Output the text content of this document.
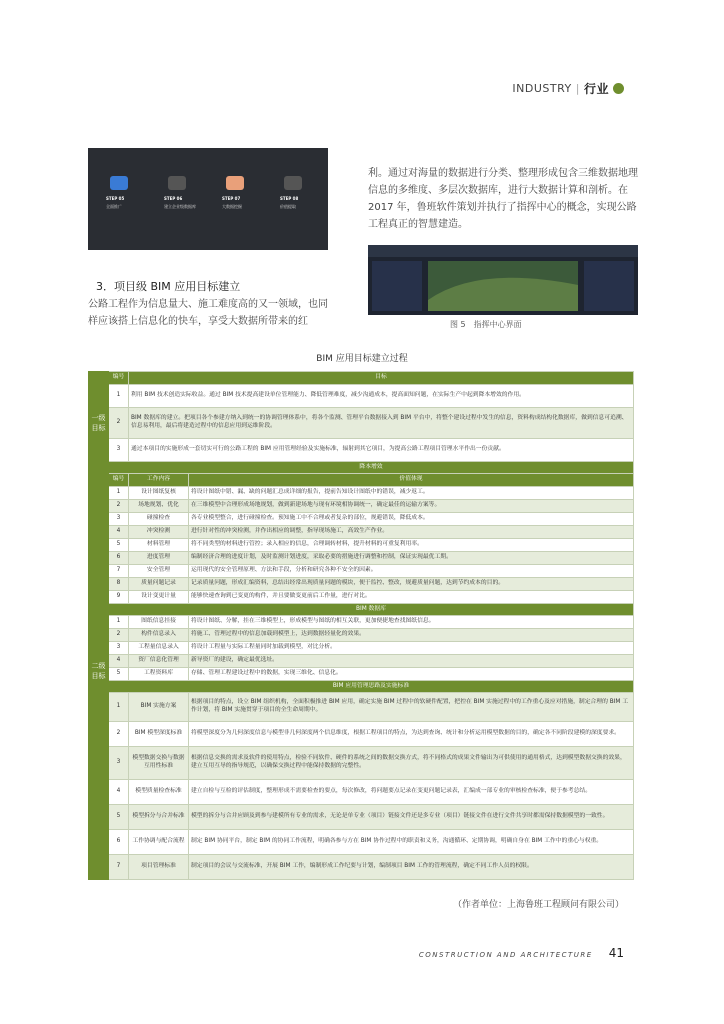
INDUSTRY | 行业
STEP 05	STEP 06	STEP 07	STEP 08
全面推广	建立企业级数据库	大数据挖掘	价值提取
3．项目级 BIM 应用目标建立
公路工程作为信息量大、施工难度高的又一领域，也同样应该搭上信息化的快车，享受大数据所带来的红
利。通过对海量的数据进行分类、整理形成包含三维数据地理信息的多维度、多层次数据库，进行大数据计算和剖析。在 2017 年，鲁班软件策划并执行了指挥中心的概念，实现公路工程真正的智慧建造。
图 5　指挥中心界面
BIM 应用目标建立过程
	编号	目标	
一级目标	1	利用 BIM 技术创造实际收益。通过 BIM 技术提高建设单位管理能力、降低管理难度，减少沟通成本，提高面知问题，在实际生产中起到降本增效的作用。	
	2	BIM 数据库的建立。把项目各个参建方纳入到统一的协调管理体系中，将各个监测、管理平台数据接入到 BIM 平台中，将整个建设过程中发生的信息，资料构成结构化数据库，做到信息可追溯、信息易利用，最后将建造过程中的信息应用到运维阶段。	
	3	通过本项目的实施形成一套切实可行的公路工程的 BIM 应用管理经验及实施标准，辐射到其它项目，为提高公路工程项目管理水平作出一份贡献。	
二级目标	降本增效		
	编号	工作内容	价值体现
	1	设计图纸复核	将设计图纸中错、漏、缺的问题汇总成详细的报告，提前告知设计图纸中的错误，减少返工。
	2	场地规划、优化	在三维模型中合理形成场地规划，做到新建场地与现有环境相协调统一，确定最佳的运输方案等。
	3	碰撞检查	各专业模型整合，进行碰撞检查。预知施工中不合理或者复杂的部位，规避错误，降低成本。
	4	冲突检测	进行针对性的冲突检测，并作出相应的调整，指导现场施工，高效生产作业。
	5	材料管理	将不同类型的材料进行管控；录入相应的信息，合理调转材料，提升材料的可重复利用率。
	6	进度管理	编制经济合理的进度计划，及时监测计划进度，采取必要的措施进行调整和控制，保证实现最优工期。
	7	安全管理	运用现代的安全管理原理、方法和手段，分析和研究各种不安全的因素。
	8	质量问题记录	记录质量问题，形成汇编资料，总结出经常出现质量问题的模块，便于监控、整改，规避质量问题，达到节约成本的目的。
	9	设计变更计量	能够快速查询到已变更的构件，并且要做变更前后工作量，进行对比。
	BIM 数据库		
	1	图纸信息挂接	将设计图纸、分解，挂在三维模型上，形成模型与图纸的相互关联，更加便捷地查找图纸信息。
	2	构件信息录入	将施工、管理过程中的信息加载到模型上，达到数据轻量化的效果。
	3	工程量信息录入	将设计工程量与实际工程量同时加载到模型，对比分析。
	4	资厂信息化管理	新导资厂的建设，确定最优选址。
	5	工程资料库	存储、管理工程建设过程中的数据，实现三维化、信息化。
	BIM 应用管理思路及实施标准		
	1	BIM 实施方案	根据项目的特点，设立 BIM 组织机构，全面积极推进 BIM 应用，确定实施 BIM 过程中的软硬件配置，把控在 BIM 实施过程中的工作重心及应对措施，制定合理的 BIM 工作计划，将 BIM 实施贯穿于项目的全生命周期中。
	2	BIM 模型深度标准	将模型深度分为几何深度信息与模型非几何深度两个信息维度，根据工程项目的特点，为达到查询、统计和分析运用模型数据的目的，确定各不同阶段建模的深度要求。
	3	模型数据交换与数据互用性标准	根据信息交换的需求及软件的使用特点，检验不同软件、硬件的系统之间的数据交换方式，将不同格式的成果文件输出为可供使用的通用格式，达到模型数据交换的效果，建立互用互导的指导规范，以确保交换过程中能保持数据的完整性。
	4	模型质量检查标准	建立自检与互检的评估制度，整理形成不需要检查的要点，每次修改，将问题要点记录在变更问题记录表，汇编成一部专业的审核检查标准，便于参考总结。
	5	模型拆分与合并标准	模型的拆分与合并应顾及到参与建模所有专业的需求，无论是单专业（项目）链接文件还是多专业（项目）链接文件在进行文件共享时都需保持数据模型的一致性。
	6	工作协调与配合流程	制定 BIM 协同平台，制定 BIM 的协同工作流程，明确各参与方在 BIM 协作过程中的职责和义务，沟通循环、定期协调，明确自身在 BIM 工作中的重心与权重。
	7	项目管理标准	制定项目的会议与交流标准，开展 BIM 工作，编制形成工作纪要与计划，编制项目 BIM 工作的管理流程，确定不同工作人员的权限。
（作者单位：上海鲁班工程顾问有限公司）
CONSTRUCTION AND ARCHITECTURE 41
